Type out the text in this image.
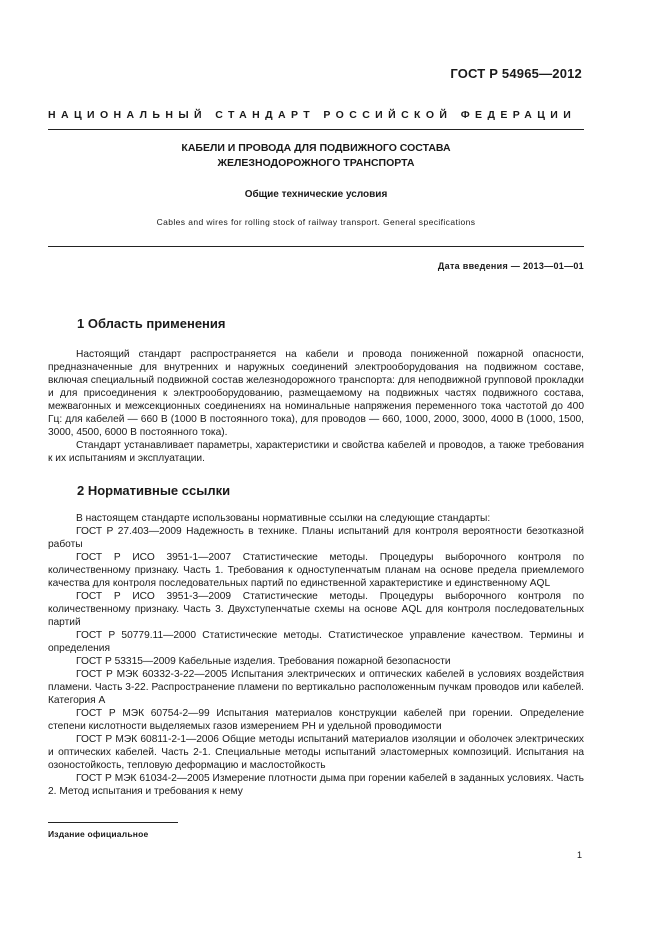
ГОСТ Р 54965—2012
НАЦИОНАЛЬНЫЙ СТАНДАРТ РОССИЙСКОЙ ФЕДЕРАЦИИ
КАБЕЛИ И ПРОВОДА ДЛЯ ПОДВИЖНОГО СОСТАВА
ЖЕЛЕЗНОДОРОЖНОГО ТРАНСПОРТА
Общие технические условия
Cables and wires for rolling stock of railway transport. General specifications
Дата введения — 2013—01—01
1 Область применения

Настоящий стандарт распространяется на кабели и провода пониженной пожарной опасности, предназначенные для внутренних и наружных соединений электрооборудования на подвижном составе, включая специальный подвижной состав железнодорожного транспорта: для неподвижной групповой прокладки и для присоединения к электрооборудованию, размещаемому на подвижных частях подвижного состава, межвагонных и межсекционных соединениях на номинальные напряжения переменного тока частотой до 400 Гц: для кабелей — 660 В (1000 В постоянного тока), для проводов — 660, 1000, 2000, 3000, 4000 В (1000, 1500, 3000, 4500, 6000 В постоянного тока).

Стандарт устанавливает параметры, характеристики и свойства кабелей и проводов, а также требования к их испытаниям и эксплуатации.

2 Нормативные ссылки

В настоящем стандарте использованы нормативные ссылки на следующие стандарты:

ГОСТ Р 27.403—2009 Надежность в технике. Планы испытаний для контроля вероятности безотказной работы

ГОСТ Р ИСО 3951-1—2007 Статистические методы. Процедуры выборочного контроля по количественному признаку. Часть 1. Требования к одноступенчатым планам на основе предела приемлемого качества для контроля последовательных партий по единственной характеристике и единственному AQL

ГОСТ Р ИСО 3951-3—2009 Статистические методы. Процедуры выборочного контроля по количественному признаку. Часть 3. Двухступенчатые схемы на основе AQL для контроля последовательных партий

ГОСТ Р 50779.11—2000 Статистические методы. Статистическое управление качеством. Термины и определения

ГОСТ Р 53315—2009 Кабельные изделия. Требования пожарной безопасности

ГОСТ Р МЭК 60332-3-22—2005 Испытания электрических и оптических кабелей в условиях воздействия пламени. Часть 3-22. Распространение пламени по вертикально расположенным пучкам проводов или кабелей. Категория А

ГОСТ Р МЭК 60754-2—99 Испытания материалов конструкции кабелей при горении. Определение степени кислотности выделяемых газов измерением PH и удельной проводимости

ГОСТ Р МЭК 60811-2-1—2006 Общие методы испытаний материалов изоляции и оболочек электрических и оптических кабелей. Часть 2-1. Специальные методы испытаний эластомерных композиций. Испытания на озоностойкость, тепловую деформацию и маслостойкость

ГОСТ Р МЭК 61034-2—2005 Измерение плотности дыма при горении кабелей в заданных условиях. Часть 2. Метод испытания и требования к нему

Издание официальное
1
